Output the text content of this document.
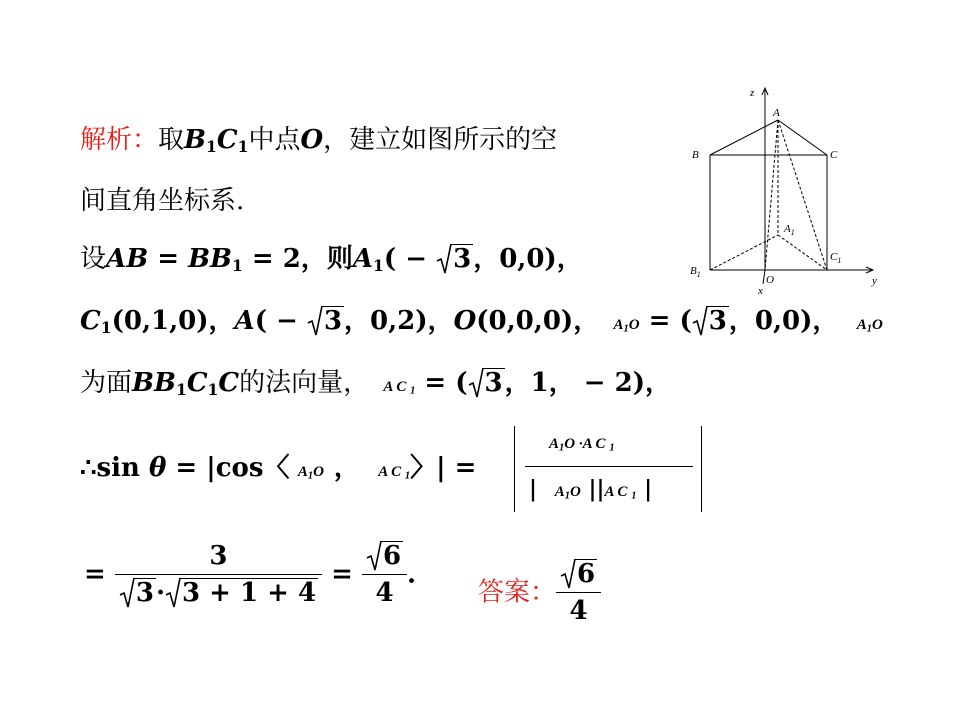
解析：取$B_1C_1$中点O，建立如图所示的空
间直角坐标系.
设AB = $BB_1 = 2$，则$A_1$( −
3，0,0)，
$C_1(0,1,0)$，A( −
3，0,2)，O(0,0,0)， $A_1O$ = ( 3，0,0)， $A_1O$
为面$BB_1C_1C$的法向量， A C $_1$ = ( 3，1， − 2)，
∴sin θ = |cos〈 $A_1O$ ， A C $_1$〉| =
$A_1O \cdot A$ C $_1$
| $A_1O$ ||A C $_1$ |
= $\frac{3}{3\cdot 3 + 1 + 4} = \frac{6}{4}$ .
答案： $\frac{6}{4}$
z
A
B	C
$A_1$
$B_1$
$C_1$
O
x
y
